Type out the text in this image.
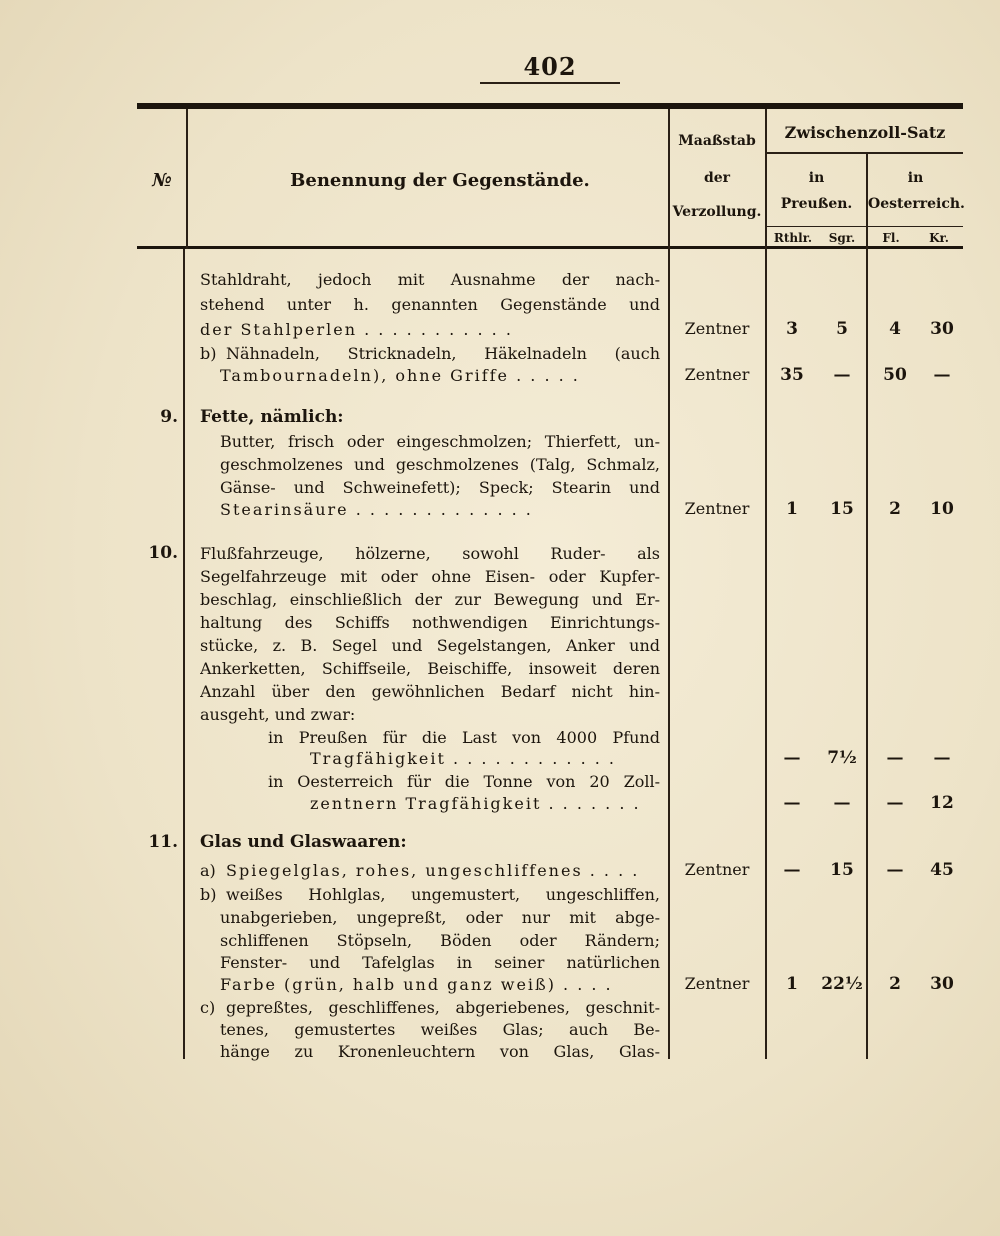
402
№	Benennung der Gegenstände.
Maaßstab
der
Verzollung.
Zwischenzoll-Satz
in
Preußen.
in
Oesterreich.
Rthlr.	Sgr.	Fl.	Kr.
Stahldraht, jedoch mit Ausnahme der nach-
stehend unter h. genannten Gegenstände und
der Stahlperlen . . . . . . . . . . .	Zentner	3	5	4	30
b) Nähnadeln, Stricknadeln, Häkelnadeln (auch
Tambournadeln), ohne Griffe . . . . .	Zentner	35	—	50	—
9. Fette, nämlich:
Butter, frisch oder eingeschmolzen; Thierfett, un-
geschmolzenes und geschmolzenes (Talg, Schmalz,
Gänse- und Schweinefett); Speck; Stearin und
Stearinsäure . . . . . . . . . . . . .	Zentner	1	15	2	10
10. Flußfahrzeuge, hölzerne, sowohl Ruder- als
Segelfahrzeuge mit oder ohne Eisen- oder Kupfer-
beschlag, einschließlich der zur Bewegung und Er-
haltung des Schiffs nothwendigen Einrichtungs-
stücke, z. B. Segel und Segelstangen, Anker und
Ankerketten, Schiffseile, Beischiffe, insoweit deren
Anzahl über den gewöhnlichen Bedarf nicht hin-
ausgeht, und zwar:
in Preußen für die Last von 4000 Pfund
Tragfähigkeit . . . . . . . . . . . .	—	7½	—	—
in Oesterreich für die Tonne von 20 Zoll-
zentnern Tragfähigkeit . . . . . . .	—	—	—	12
11. Glas und Glaswaaren:
a) Spiegelglas, rohes, ungeschliffenes . . . .	Zentner	—	15	—	45
b) weißes Hohlglas, ungemustert, ungeschliffen,
unabgerieben, ungepreßt, oder nur mit abge-
schliffenen Stöpseln, Böden oder Rändern;
Fenster- und Tafelglas in seiner natürlichen
Farbe (grün, halb und ganz weiß) . . . .	Zentner	1	22½	2	30
c) gepreßtes, geschliffenes, abgeriebenes, geschnit-
tenes, gemustertes weißes Glas; auch Be-
hänge zu Kronenleuchtern von Glas, Glas-
